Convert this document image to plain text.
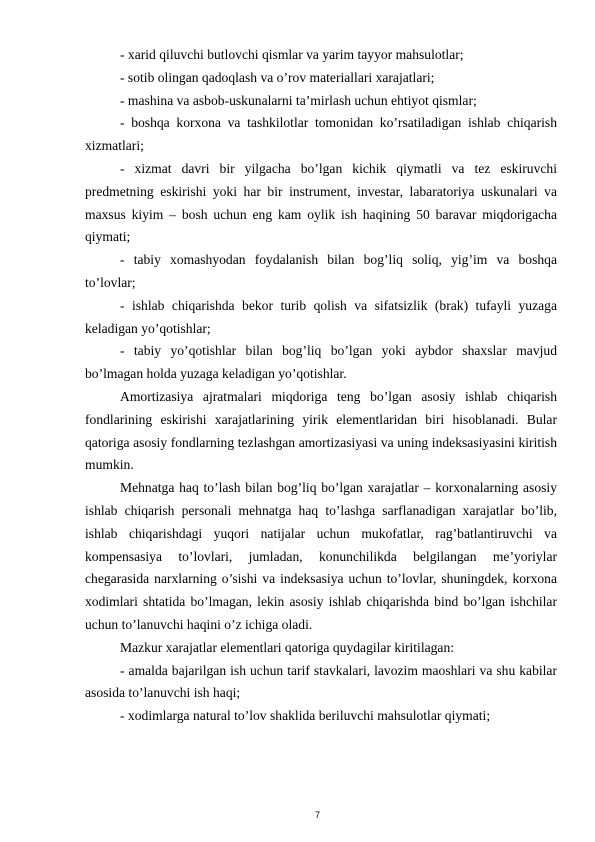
- xarid qiluvchi butlovchi qismlar va yarim tayyor mahsulotlar;

- sotib olingan qadoqlash va o’rov materiallari xarajatlari;

- mashina va asbob-uskunalarni ta’mirlash uchun ehtiyot qismlar;

- boshqa korxona va tashkilotlar tomonidan ko’rsatiladigan ishlab chiqarish xizmatlari;

- xizmat davri bir yilgacha bo’lgan kichik qiymatli va tez eskiruvchi predmetning eskirishi yoki har bir instrument, investar, labaratoriya uskunalari va maxsus kiyim – bosh uchun eng kam oylik ish haqining 50 baravar miqdorigacha qiymati;

- tabiy xomashyodan foydalanish bilan bog’liq soliq, yig’im va boshqa to’lovlar;

- ishlab chiqarishda bekor turib qolish va sifatsizlik (brak) tufayli yuzaga keladigan yo’qotishlar;

- tabiy yo’qotishlar bilan bog’liq bo’lgan yoki aybdor shaxslar mavjud bo’lmagan holda yuzaga keladigan yo’qotishlar.

Amortizasiya ajratmalari miqdoriga teng bo’lgan asosiy ishlab chiqarish fondlarining eskirishi xarajatlarining yirik elementlaridan biri hisoblanadi. Bular qatoriga asosiy fondlarning tezlashgan amortizasiyasi va uning indeksasiyasini kiritish mumkin.

Mehnatga haq to’lash bilan bog’liq bo’lgan xarajatlar – korxonalarning asosiy ishlab chiqarish personali mehnatga haq to’lashga sarflanadigan xarajatlar bo’lib, ishlab chiqarishdagi yuqori natijalar uchun mukofatlar, rag’batlantiruvchi va kompensasiya to’lovlari, jumladan, konunchilikda belgilangan me’yoriylar chegarasida narxlarning o’sishi va indeksasiya uchun to’lovlar, shuningdek, korxona xodimlari shtatida bo’lmagan, lekin asosiy ishlab chiqarishda bind bo’lgan ishchilar uchun to’lanuvchi haqini o’z ichiga oladi.

Mazkur xarajatlar elementlari qatoriga quydagilar kiritilagan:

- amalda bajarilgan ish uchun tarif stavkalari, lavozim maoshlari va shu kabilar asosida to’lanuvchi ish haqi;

- xodimlarga natural to’lov shaklida beriluvchi mahsulotlar qiymati;

7
